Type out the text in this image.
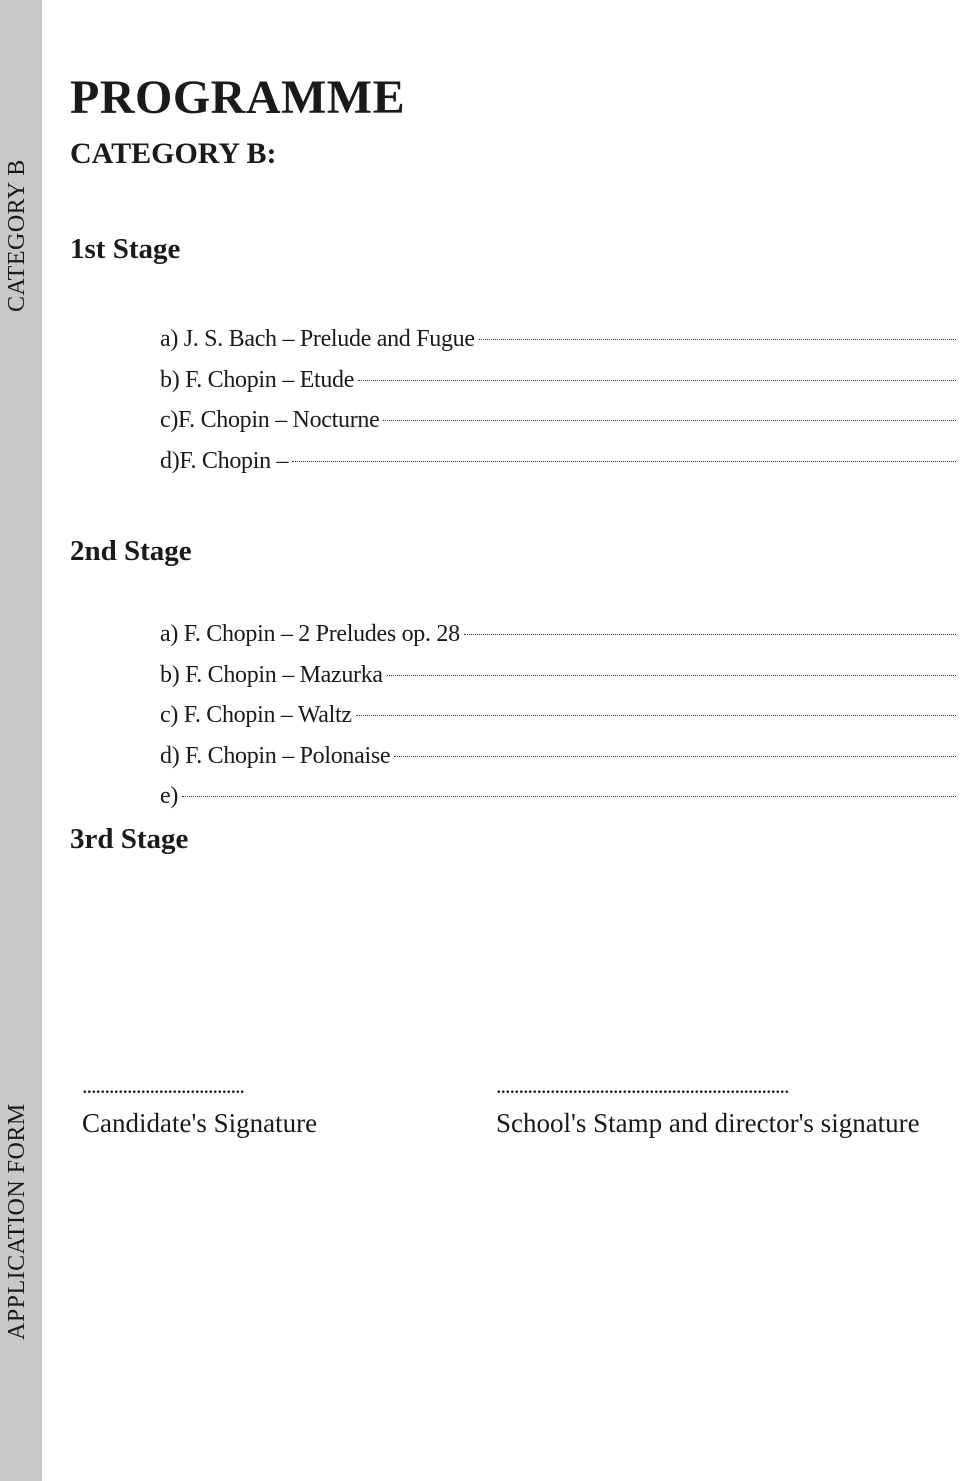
CATEGORY B
APPLICATION FORM
PROGRAMME
CATEGORY B:
1st Stage
a) J. S. Bach – Prelude and Fugue
b) F. Chopin – Etude
c)F. Chopin – Nocturne
d)F. Chopin –
2nd Stage
a) F. Chopin – 2 Preludes op. 28
b) F. Chopin – Mazurka
c) F. Chopin – Waltz
d) F. Chopin – Polonaise
e)
3rd Stage
....................................
Candidate's Signature
.................................................................
School's Stamp and director's signature
